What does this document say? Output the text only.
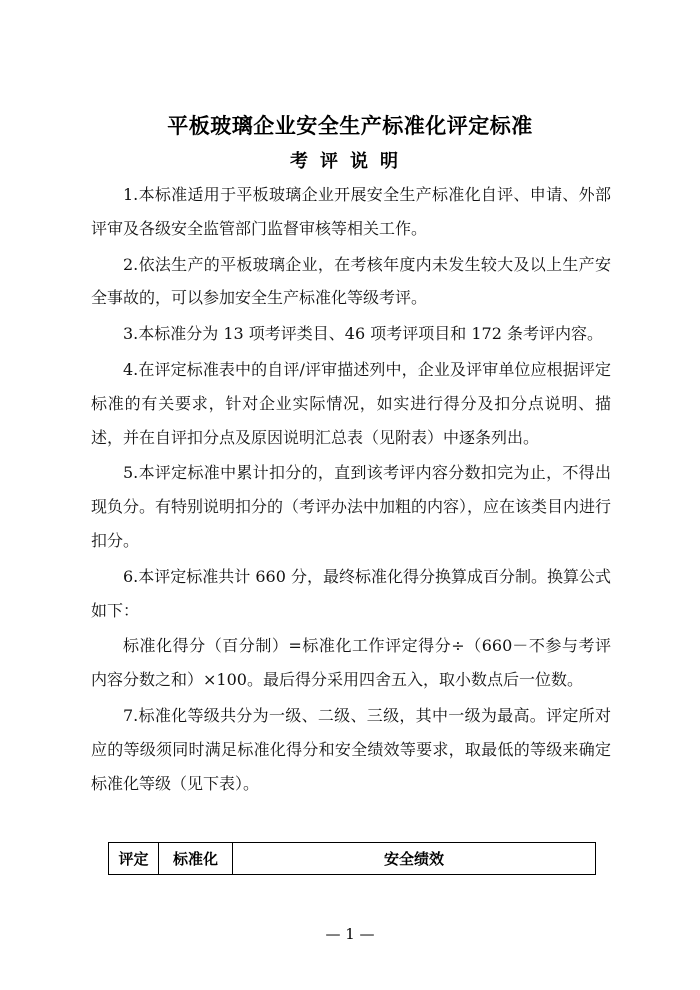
平板玻璃企业安全生产标准化评定标准
考评说明

1.本标准适用于平板玻璃企业开展安全生产标准化自评、申请、外部评审及各级安全监管部门监督审核等相关工作。

2.依法生产的平板玻璃企业，在考核年度内未发生较大及以上生产安全事故的，可以参加安全生产标准化等级考评。

3.本标准分为 13 项考评类目、46 项考评项目和 172 条考评内容。

4.在评定标准表中的自评/评审描述列中，企业及评审单位应根据评定标准的有关要求，针对企业实际情况，如实进行得分及扣分点说明、描述，并在自评扣分点及原因说明汇总表（见附表）中逐条列出。

5.本评定标准中累计扣分的，直到该考评内容分数扣完为止，不得出现负分。有特别说明扣分的（考评办法中加粗的内容），应在该类目内进行扣分。

6.本评定标准共计 660 分，最终标准化得分换算成百分制。换算公式如下：

标准化得分（百分制）=标准化工作评定得分÷（660－不参与考评内容分数之和）×100。最后得分采用四舍五入，取小数点后一位数。

7.标准化等级共分为一级、二级、三级，其中一级为最高。评定所对应的等级须同时满足标准化得分和安全绩效等要求，取最低的等级来确定标准化等级（见下表）。

评定	标准化	安全绩效
— 1 —
